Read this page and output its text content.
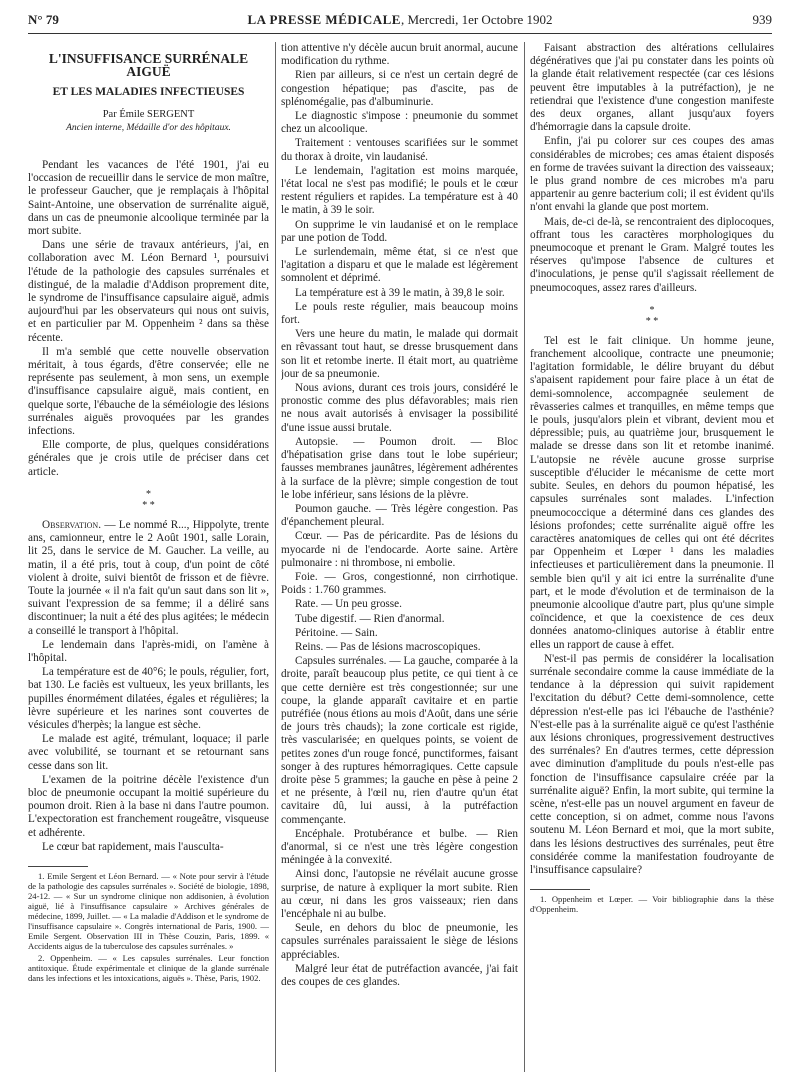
N° 79	LA PRESSE MÉDICALE, Mercredi, 1er Octobre 1902	939

L'INSUFFISANCE SURRÉNALE AIGUË

ET LES MALADIES INFECTIEUSES

Par Émile SERGENT

Ancien interne, Médaille d'or des hôpitaux.

Pendant les vacances de l'été 1901, j'ai eu l'occasion de recueillir dans le service de mon maître, le professeur Gaucher, que je remplaçais à l'hôpital Saint-Antoine, une observation de surrénalite aiguë, dans un cas de pneumonie alcoolique terminée par la mort subite.

Dans une série de travaux antérieurs, j'ai, en collaboration avec M. Léon Bernard ¹, poursuivi l'étude de la pathologie des capsules surrénales et distingué, de la maladie d'Addison proprement dite, le syndrome de l'insuffisance capsulaire aiguë, admis aujourd'hui par les observateurs qui nous ont suivis, et en particulier par M. Oppenheim ² dans sa thèse récente.

Il m'a semblé que cette nouvelle observation méritait, à tous égards, d'être conservée; elle ne représente pas seulement, à mon sens, un exemple d'insuffisance capsulaire aiguë, mais contient, en quelque sorte, l'ébauche de la séméiologie des lésions surrénales aiguës provoquées par les grandes infections.

Elle comporte, de plus, quelques considérations générales que je crois utile de préciser dans cet article.

*
* *

Observation. — Le nommé R..., Hippolyte, trente ans, camionneur, entre le 2 Août 1901, salle Lorain, lit 25, dans le service de M. Gaucher. La veille, au matin, il a été pris, tout à coup, d'un point de côté violent à droite, suivi bientôt de frisson et de fièvre. Toute la journée « il n'a fait qu'un saut dans son lit », suivant l'expression de sa femme; il a déliré sans discontinuer; la nuit a été des plus agitées; le médecin a conseillé le transport à l'hôpital.

Le lendemain dans l'après-midi, on l'amène à l'hôpital.

La température est de 40°6; le pouls, régulier, fort, bat 130. Le faciès est vultueux, les yeux brillants, les pupilles énormément dilatées, égales et régulières; la lèvre supérieure et les narines sont couvertes de vésicules d'herpès; la langue est sèche.

Le malade est agité, trémulant, loquace; il parle avec volubilité, se tournant et se retournant sans cesse dans son lit.

L'examen de la poitrine décèle l'existence d'un bloc de pneumonie occupant la moitié supérieure du poumon droit. Rien à la base ni dans l'autre poumon. L'expectoration est franchement rougeâtre, visqueuse et adhérente.

Le cœur bat rapidement, mais l'ausculta-

1. Emile Sergent et Léon Bernard. — « Note pour servir à l'étude de la pathologie des capsules surrénales ». Société de biologie, 1898, 24-12. — « Sur un syndrome clinique non addisonien, à évolution aiguë, lié à l'insuffisance capsulaire » Archives générales de médecine, 1899, Juillet. — « La maladie d'Addison et le syndrome de l'insuffisance capsulaire ». Congrès international de Paris, 1900. — Emile Sergent. Observation III in Thèse Couzin, Paris, 1899. « Accidents aigus de la tuberculose des capsules surrénales. »

2. Oppenheim. — « Les capsules surrénales. Leur fonction antitoxique. Étude expérimentale et clinique de la glande surrénale dans les infections et les intoxications, aiguës ». Thèse, Paris, 1902.

tion attentive n'y décèle aucun bruit anormal, aucune modification du rythme.

Rien par ailleurs, si ce n'est un certain degré de congestion hépatique; pas d'ascite, pas de splénomégalie, pas d'albuminurie.

Le diagnostic s'impose : pneumonie du sommet chez un alcoolique.

Traitement : ventouses scarifiées sur le sommet du thorax à droite, vin laudanisé.

Le lendemain, l'agitation est moins marquée, l'état local ne s'est pas modifié; le pouls et le cœur restent réguliers et rapides. La température est à 40 le matin, à 39 le soir.

On supprime le vin laudanisé et on le remplace par une potion de Todd.

Le surlendemain, même état, si ce n'est que l'agitation a disparu et que le malade est légèrement somnolent et déprimé.

La température est à 39 le matin, à 39,8 le soir.

Le pouls reste régulier, mais beaucoup moins fort.

Vers une heure du matin, le malade qui dormait en rêvassant tout haut, se dresse brusquement dans son lit et retombe inerte. Il était mort, au quatrième jour de sa pneumonie.

Nous avions, durant ces trois jours, considéré le pronostic comme des plus défavorables; mais rien ne nous avait autorisés à envisager la possibilité d'une issue aussi brutale.

Autopsie. — Poumon droit. — Bloc d'hépatisation grise dans tout le lobe supérieur; fausses membranes jaunâtres, légèrement adhérentes à la surface de la plèvre; simple congestion de tout le lobe inférieur, sans lésions de la plèvre.

Poumon gauche. — Très légère congestion. Pas d'épanchement pleural.

Cœur. — Pas de péricardite. Pas de lésions du myocarde ni de l'endocarde. Aorte saine. Artère pulmonaire : ni thrombose, ni embolie.

Foie. — Gros, congestionné, non cirrhotique. Poids : 1.760 grammes.

Rate. — Un peu grosse.

Tube digestif. — Rien d'anormal.

Péritoine. — Sain.

Reins. — Pas de lésions macroscopiques.

Capsules surrénales. — La gauche, comparée à la droite, paraît beaucoup plus petite, ce qui tient à ce que cette dernière est très congestionnée; sur une coupe, la glande apparaît cavitaire et en partie putréfiée (nous étions au mois d'Août, dans une série de jours très chauds); la zone corticale est rigide, très vascularisée; en quelques points, se voient de petites zones d'un rouge foncé, punctiformes, faisant songer à des ruptures hémorragiques. Cette capsule droite pèse 5 grammes; la gauche en pèse à peine 2 et ne présente, à l'œil nu, rien d'autre qu'un état cavitaire dû, lui aussi, à la putréfaction commençante.

Encéphale. Protubérance et bulbe. — Rien d'anormal, si ce n'est une très légère congestion méningée à la convexité.

Ainsi donc, l'autopsie ne révélait aucune grosse surprise, de nature à expliquer la mort subite. Rien au cœur, ni dans les gros vaisseaux; rien dans l'encéphale ni au bulbe.

Seule, en dehors du bloc de pneumonie, les capsules surrénales paraissaient le siège de lésions appréciables.

Malgré leur état de putréfaction avancée, j'ai fait des coupes de ces glandes.

Faisant abstraction des altérations cellulaires dégénératives que j'ai pu constater dans les points où la glande était relativement respectée (car ces lésions peuvent être imputables à la putréfaction), je ne retiendrai que l'existence d'une congestion manifeste des deux organes, allant jusqu'aux foyers d'hémorragie dans la capsule droite.

Enfin, j'ai pu colorer sur ces coupes des amas considérables de microbes; ces amas étaient disposés en forme de travées suivant la direction des vaisseaux; le plus grand nombre de ces microbes m'a paru appartenir au genre bacterium coli; il est évident qu'ils n'ont envahi la glande que post mortem.

Mais, de-ci de-là, se rencontraient des diplocoques, offrant tous les caractères morphologiques du pneumocoque et prenant le Gram. Malgré toutes les réserves qu'impose l'absence de cultures et d'inoculations, je pense qu'il s'agissait réellement de pneumocoques, assez rares d'ailleurs.

*
* *

Tel est le fait clinique. Un homme jeune, franchement alcoolique, contracte une pneumonie; l'agitation formidable, le délire bruyant du début s'apaisent rapidement pour faire place à un état de demi-somnolence, accompagnée seulement de rêvasseries calmes et tranquilles, en même temps que le pouls, jusqu'alors plein et vibrant, devient mou et dépressible; puis, au quatrième jour, brusquement le malade se dresse dans son lit et retombe inanimé. L'autopsie ne révèle aucune grosse surprise susceptible d'élucider le mécanisme de cette mort subite. Seules, en dehors du poumon hépatisé, les capsules surrénales sont malades. L'infection pneumococcique a déterminé dans ces glandes des lésions profondes; cette surrénalite aiguë offre les caractères anatomiques de celles qui ont été décrites par Oppenheim et Lœper ¹ dans les maladies infectieuses et particulièrement dans la pneumonie. Il semble bien qu'il y ait ici entre la surrénalite d'une part, et le mode d'évolution et de terminaison de la pneumonie alcoolique d'autre part, plus qu'une simple coïncidence, et que la coexistence de ces deux données anatomo-cliniques autorise à établir entre elles un rapport de cause à effet.

N'est-il pas permis de considérer la localisation surrénale secondaire comme la cause immédiate de la tendance à la dépression qui suivit rapidement l'excitation du début? Cette demi-somnolence, cette dépression n'est-elle pas ici l'ébauche de l'asthénie? N'est-elle pas à la surrénalite aiguë ce qu'est l'asthénie aux lésions chroniques, progressivement destructives des surrénales? En d'autres termes, cette dépression avec diminution d'amplitude du pouls n'est-elle pas fonction de l'insuffisance capsulaire créée par la surrénalite aiguë? Enfin, la mort subite, qui termine la scène, n'est-elle pas un nouvel argument en faveur de cette conception, si on admet, comme nous l'avons soutenu M. Léon Bernard et moi, que la mort subite, dans les lésions destructives des surrénales, peut être considérée comme la manifestation foudroyante de l'insuffisance capsulaire?

1. Oppenheim et Lœper. — Voir bibliographie dans la thèse d'Oppenheim.
